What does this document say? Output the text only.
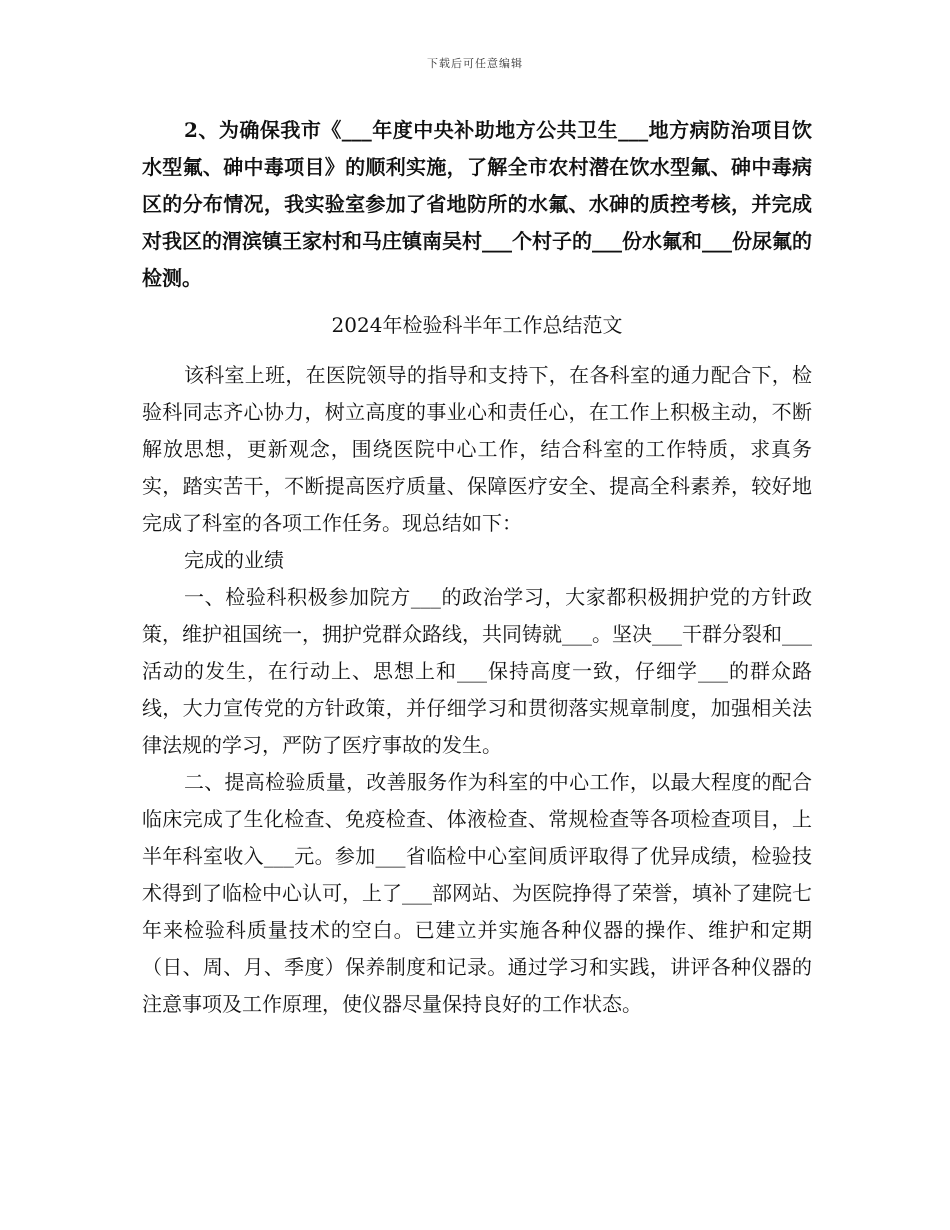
下载后可任意编辑

2、为确保我市《___年度中央补助地方公共卫生___地方病防治项目饮水型氟、砷中毒项目》的顺利实施，了解全市农村潜在饮水型氟、砷中毒病区的分布情况，我实验室参加了省地防所的水氟、水砷的质控考核，并完成对我区的渭滨镇王家村和马庄镇南吴村___个村子的___份水氟和___份尿氟的检测。

2024年检验科半年工作总结范文

该科室上班，在医院领导的指导和支持下，在各科室的通力配合下，检验科同志齐心协力，树立高度的事业心和责任心，在工作上积极主动，不断解放思想，更新观念，围绕医院中心工作，结合科室的工作特质，求真务实，踏实苦干，不断提高医疗质量、保障医疗安全、提高全科素养，较好地完成了科室的各项工作任务。现总结如下：

完成的业绩

一、检验科积极参加院方___的政治学习，大家都积极拥护党的方针政策，维护祖国统一，拥护党群众路线，共同铸就___。坚决___干群分裂和___活动的发生，在行动上、思想上和___保持高度一致，仔细学___的群众路线，大力宣传党的方针政策，并仔细学习和贯彻落实规章制度，加强相关法律法规的学习，严防了医疗事故的发生。

二、提高检验质量，改善服务作为科室的中心工作，以最大程度的配合临床完成了生化检查、免疫检查、体液检查、常规检查等各项检查项目，上半年科室收入___元。参加___省临检中心室间质评取得了优异成绩，检验技术得到了临检中心认可，上了___部网站、为医院挣得了荣誉，填补了建院七年来检验科质量技术的空白。已建立并实施各种仪器的操作、维护和定期（日、周、月、季度）保养制度和记录。通过学习和实践，讲评各种仪器的注意事项及工作原理，使仪器尽量保持良好的工作状态。
